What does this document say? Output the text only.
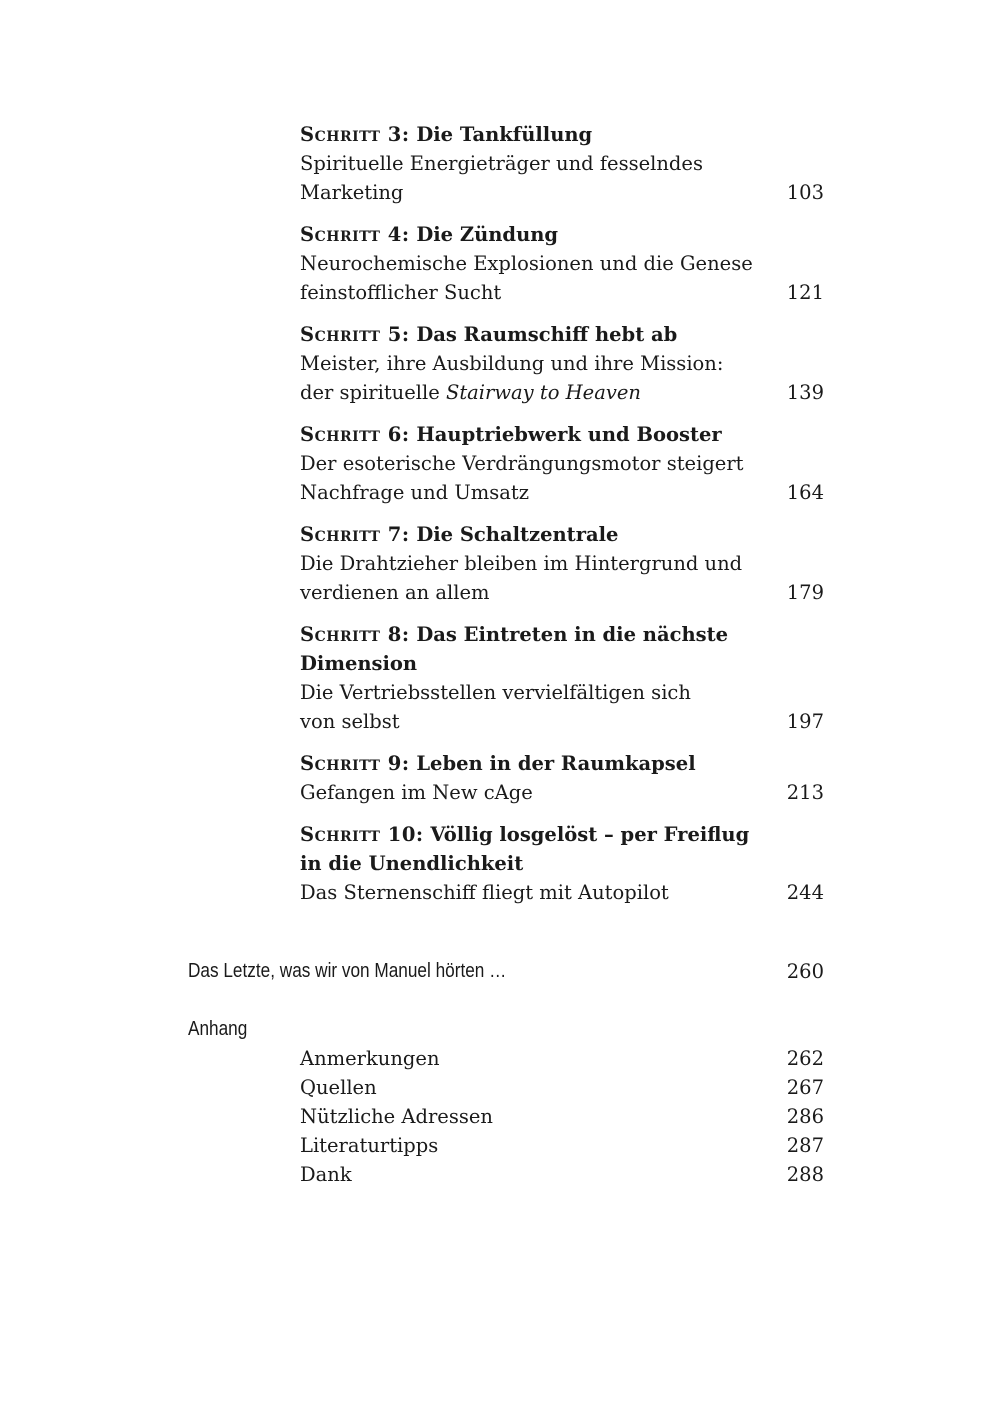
Schritt 3: Die Tankfüllung
Spirituelle Energieträger und fesselndes
Marketing	103
Schritt 4: Die Zündung
Neurochemische Explosionen und die Genese
feinstofflicher Sucht	121
Schritt 5: Das Raumschiff hebt ab
Meister, ihre Ausbildung und ihre Mission:
der spirituelle Stairway to Heaven	139
Schritt 6: Hauptriebwerk und Booster
Der esoterische Verdrängungsmotor steigert
Nachfrage und Umsatz	164
Schritt 7: Die Schaltzentrale
Die Drahtzieher bleiben im Hintergrund und
verdienen an allem	179
Schritt 8: Das Eintreten in die nächste
Dimension
Die Vertriebsstellen vervielfältigen sich
von selbst	197
Schritt 9: Leben in der Raumkapsel
Gefangen im New cAge	213
Schritt 10: Völlig losgelöst – per Freiflug
in die Unendlichkeit
Das Sternenschiff fliegt mit Autopilot	244
Das Letzte, was wir von Manuel hörten …	260
Anhang
Anmerkungen	262
Quellen	267
Nützliche Adressen	286
Literaturtipps	287
Dank	288
